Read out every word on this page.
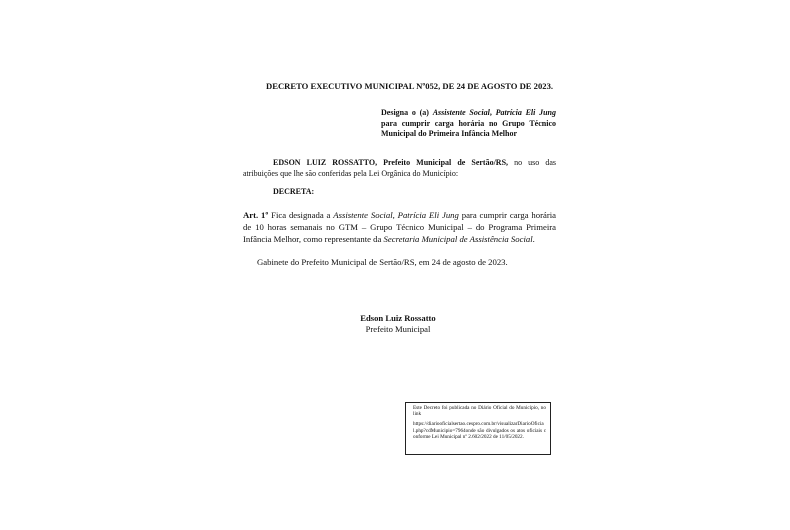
DECRETO EXECUTIVO MUNICIPAL Nº052, DE 24 DE AGOSTO DE 2023.
Designa o (a) Assistente Social, Patrícia Eli Jung para cumprir carga horária no Grupo Técnico Municipal do Primeira Infância Melhor
EDSON LUIZ ROSSATTO, Prefeito Municipal de Sertão/RS, no uso das atribuições que lhe são conferidas pela Lei Orgânica do Município:
DECRETA:
Art. 1º Fica designada a Assistente Social, Patrícia Eli Jung para cumprir carga horária de 10 horas semanais no GTM – Grupo Técnico Municipal – do Programa Primeira Infância Melhor, como representante da Secretaria Municipal de Assistência Social.
Gabinete do Prefeito Municipal de Sertão/RS, em 24 de agosto de 2023.
Edson Luiz Rossatto
Prefeito Municipal

Este Decreto foi publicada no Diário Oficial do Município, no link

https://diariooficialsertao.cespro.com.br/visualizarDiarioOficial.php?cdMunicipio=7964onde são divulgados os atos oficiais conforme Lei Municipal nº 2.602/2022 de 11/05/2022.
